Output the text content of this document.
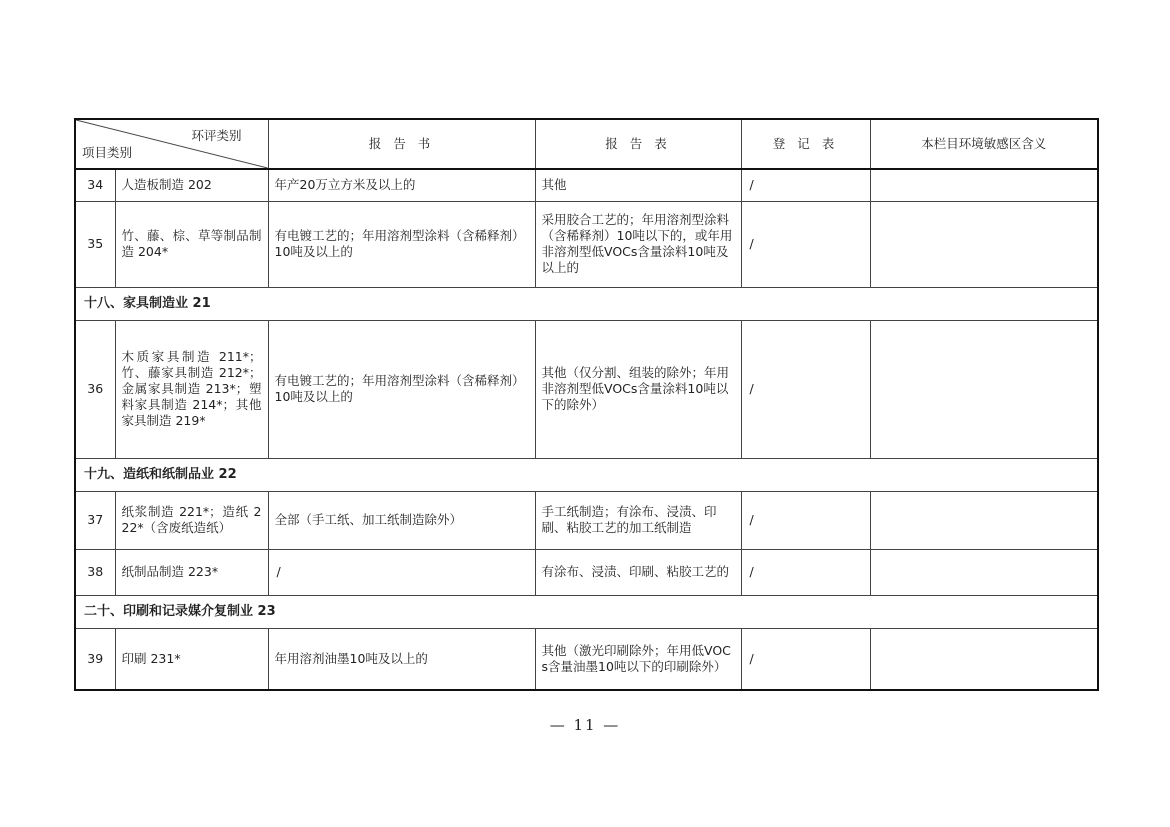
环评类别
项目类别		报 告 书	报 告 表	登 记 表	本栏目环境敏感区含义
34	人造板制造 202	年产20万立方米及以上的	其他	/	
35	竹、藤、棕、草等制品制造 204*	有电镀工艺的；年用溶剂型涂料（含稀释剂）10吨及以上的	采用胶合工艺的；年用溶剂型涂料（含稀释剂）10吨以下的，或年用非溶剂型低VOCs含量涂料10吨及以上的	/	
十八、家具制造业 21					
36	木质家具制造 211*；竹、藤家具制造 212*；金属家具制造 213*；塑料家具制造 214*；其他家具制造 219*	有电镀工艺的；年用溶剂型涂料（含稀释剂）10吨及以上的	其他（仅分割、组装的除外；年用非溶剂型低VOCs含量涂料10吨以下的除外）	/	
十九、造纸和纸制品业 22					
37	纸浆制造 221*；造纸 222*（含废纸造纸）	全部（手工纸、加工纸制造除外）	手工纸制造；有涂布、浸渍、印刷、粘胶工艺的加工纸制造	/	
38	纸制品制造 223*	/	有涂布、浸渍、印刷、粘胶工艺的	/	
二十、印刷和记录媒介复制业 23					
39	印刷 231*	年用溶剂油墨10吨及以上的	其他（激光印刷除外；年用低VOCs含量油墨10吨以下的印刷除外）	/	
— 11 —
